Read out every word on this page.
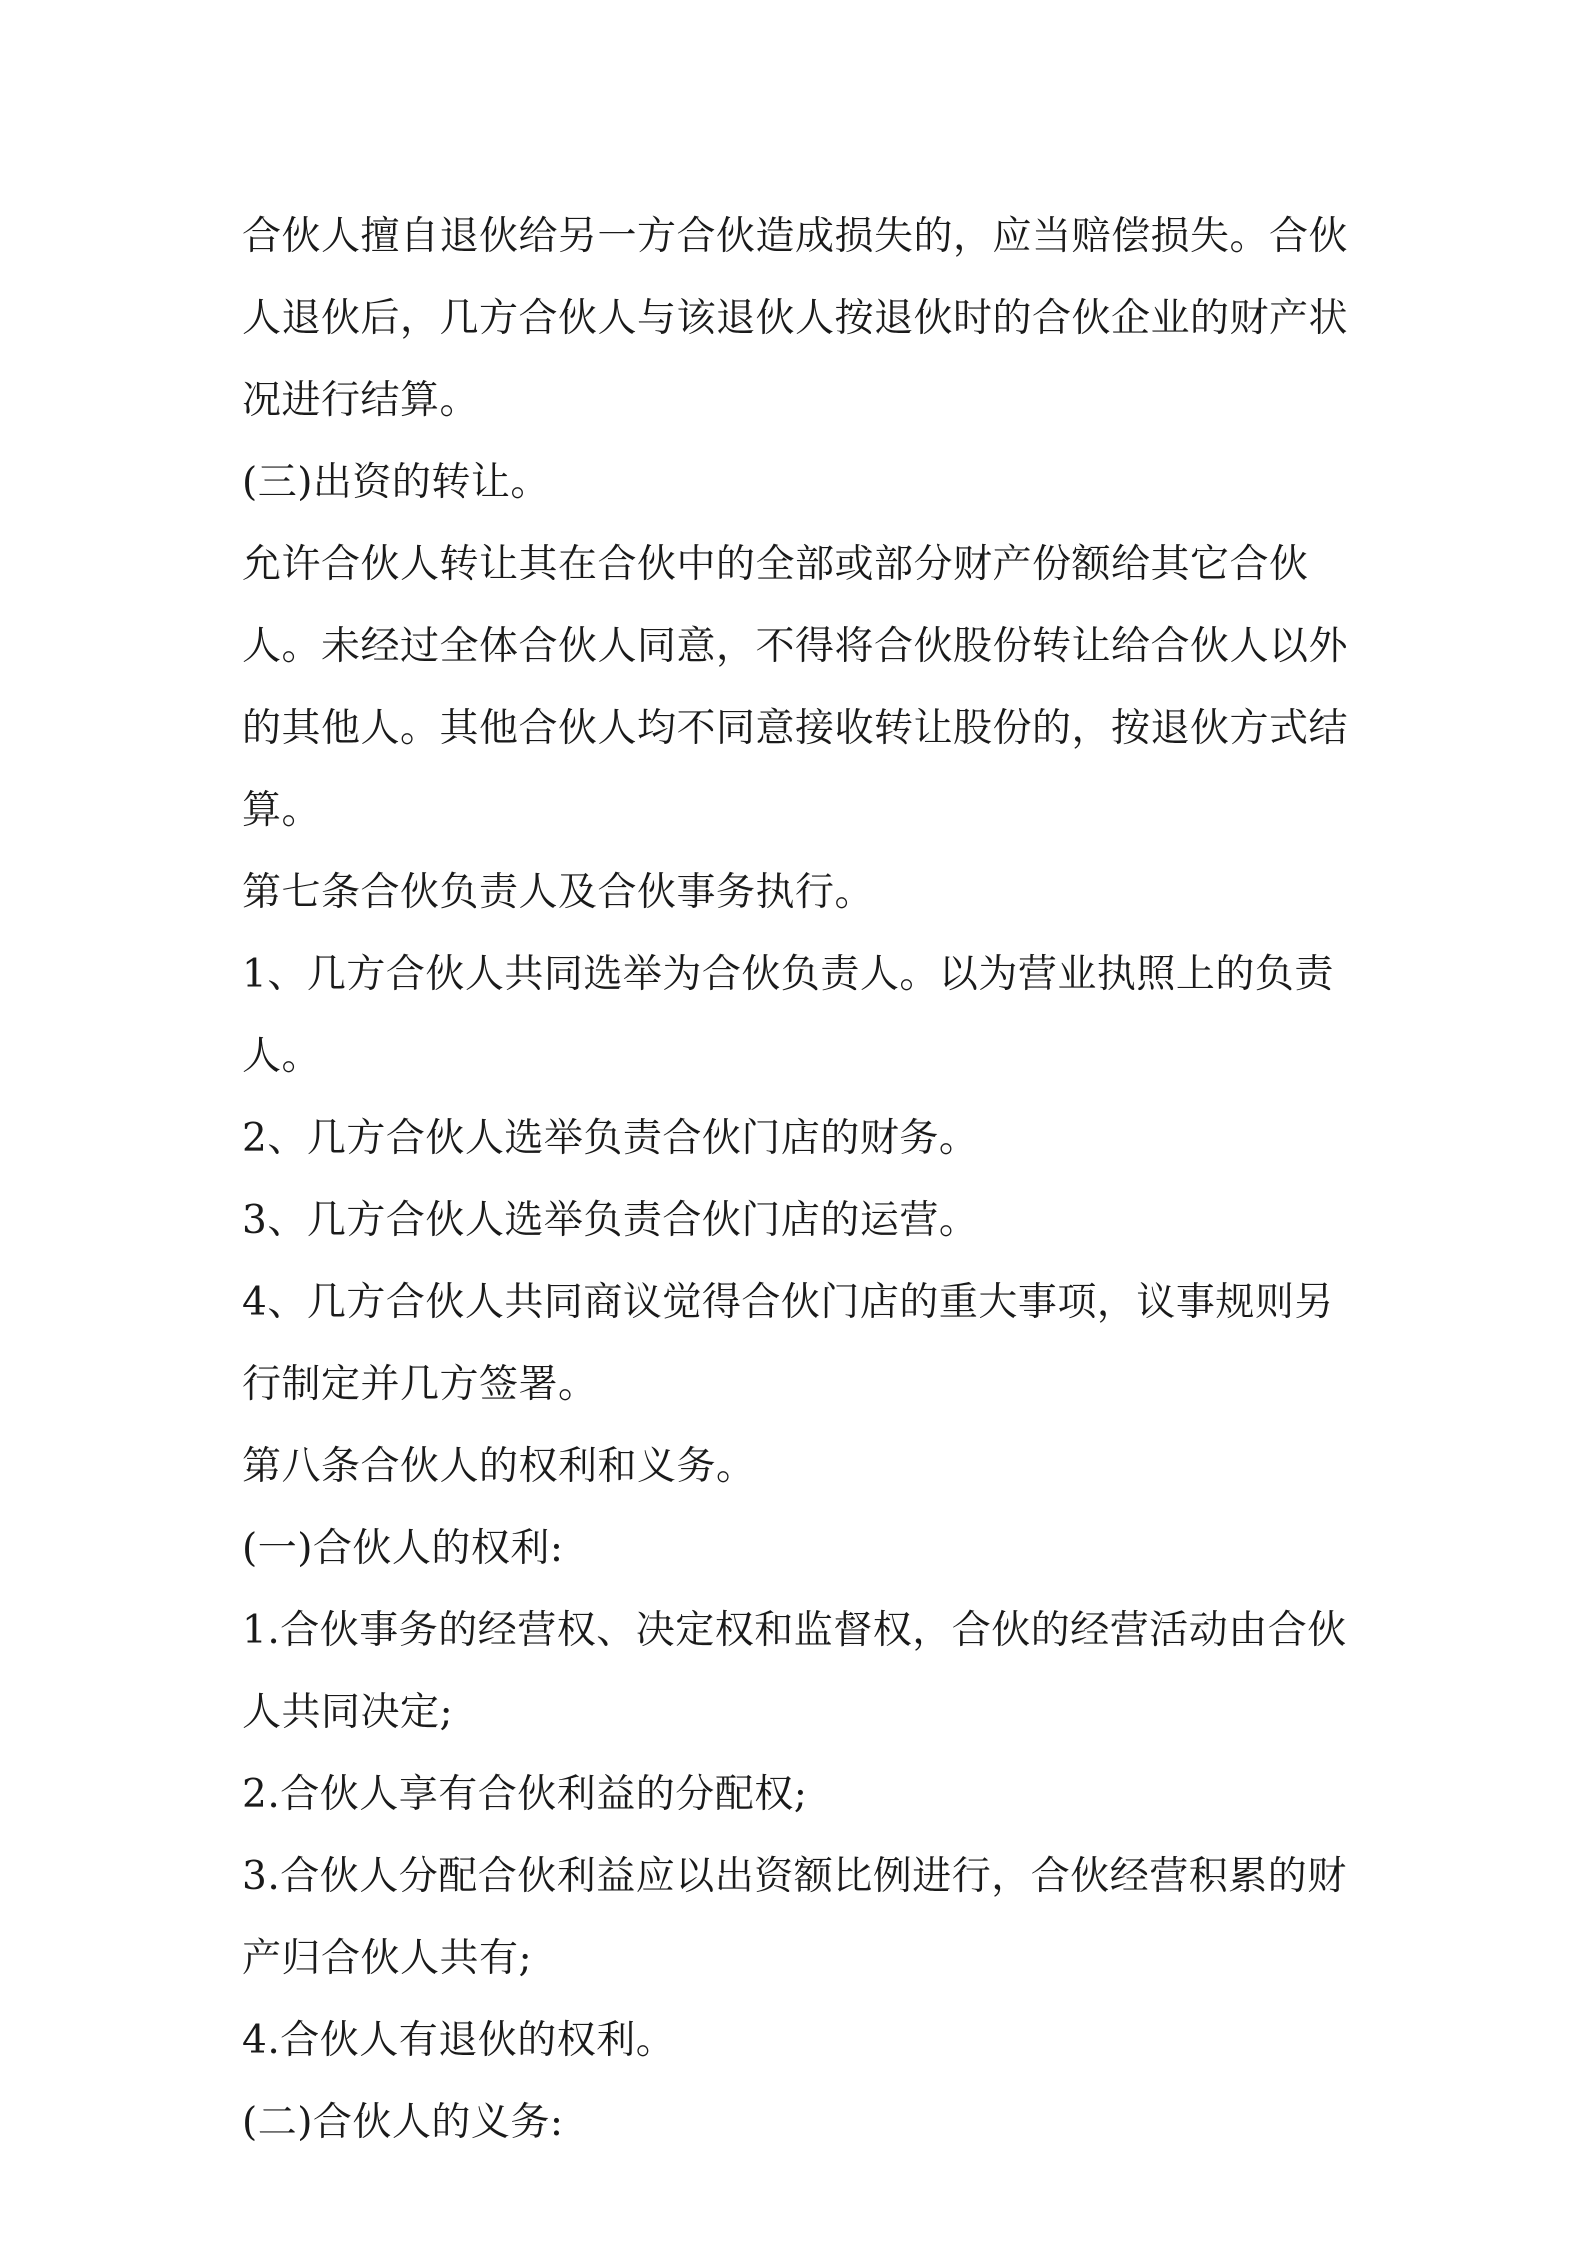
合伙人擅自退伙给另一方合伙造成损失的，应当赔偿损失。合伙人退伙后，几方合伙人与该退伙人按退伙时的合伙企业的财产状况进行结算。

(三)出资的转让。

允许合伙人转让其在合伙中的全部或部分财产份额给其它合伙人。未经过全体合伙人同意，不得将合伙股份转让给合伙人以外的其他人。其他合伙人均不同意接收转让股份的，按退伙方式结算。

第七条合伙负责人及合伙事务执行。

1、几方合伙人共同选举为合伙负责人。以为营业执照上的负责人。

2、几方合伙人选举负责合伙门店的财务。

3、几方合伙人选举负责合伙门店的运营。

4、几方合伙人共同商议觉得合伙门店的重大事项，议事规则另行制定并几方签署。

第八条合伙人的权利和义务。

(一)合伙人的权利:

1.合伙事务的经营权、决定权和监督权，合伙的经营活动由合伙人共同决定;

2.合伙人享有合伙利益的分配权;

3.合伙人分配合伙利益应以出资额比例进行，合伙经营积累的财产归合伙人共有;

4.合伙人有退伙的权利。

(二)合伙人的义务:
